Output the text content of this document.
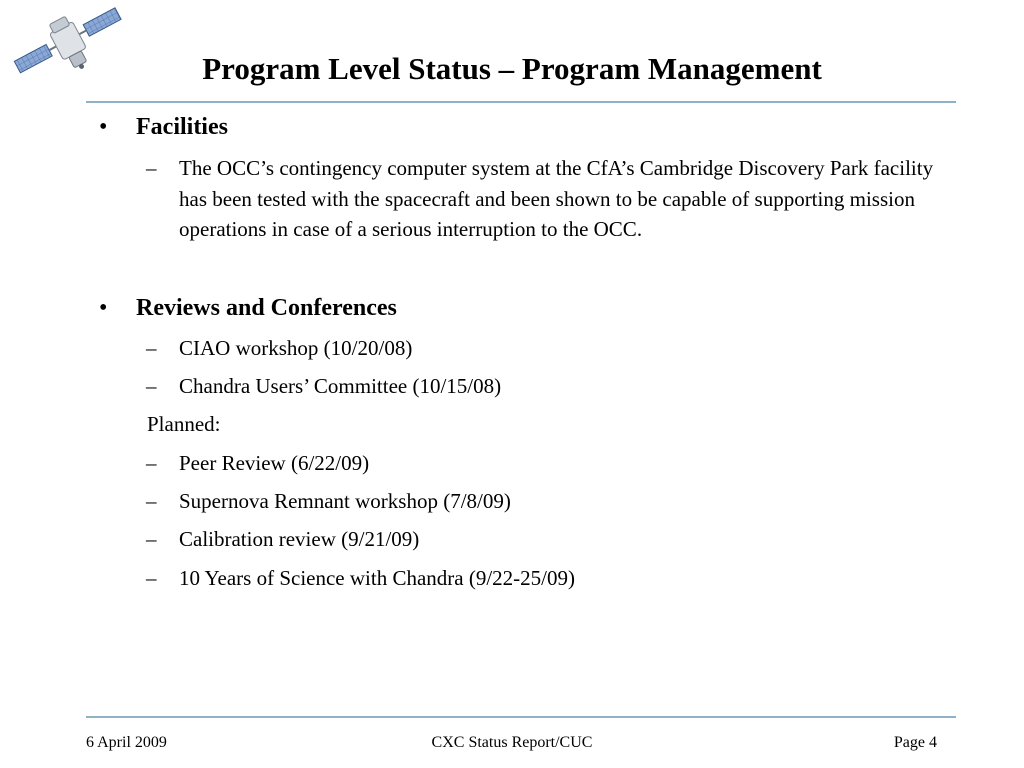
Program Level Status – Program Management
• Facilities
– The OCC’s contingency computer system at the CfA’s Cambridge Discovery Park facility has been tested with the spacecraft and been shown to be capable of supporting mission operations in case of a serious interruption to the OCC.
• Reviews and Conferences
– CIAO workshop (10/20/08)
– Chandra Users’ Committee (10/15/08)
Planned:
– Peer Review (6/22/09)
– Supernova Remnant workshop (7/8/09)
– Calibration review (9/21/09)
– 10 Years of Science with Chandra (9/22-25/09)
6 April 2009	CXC Status Report/CUC	Page 4
